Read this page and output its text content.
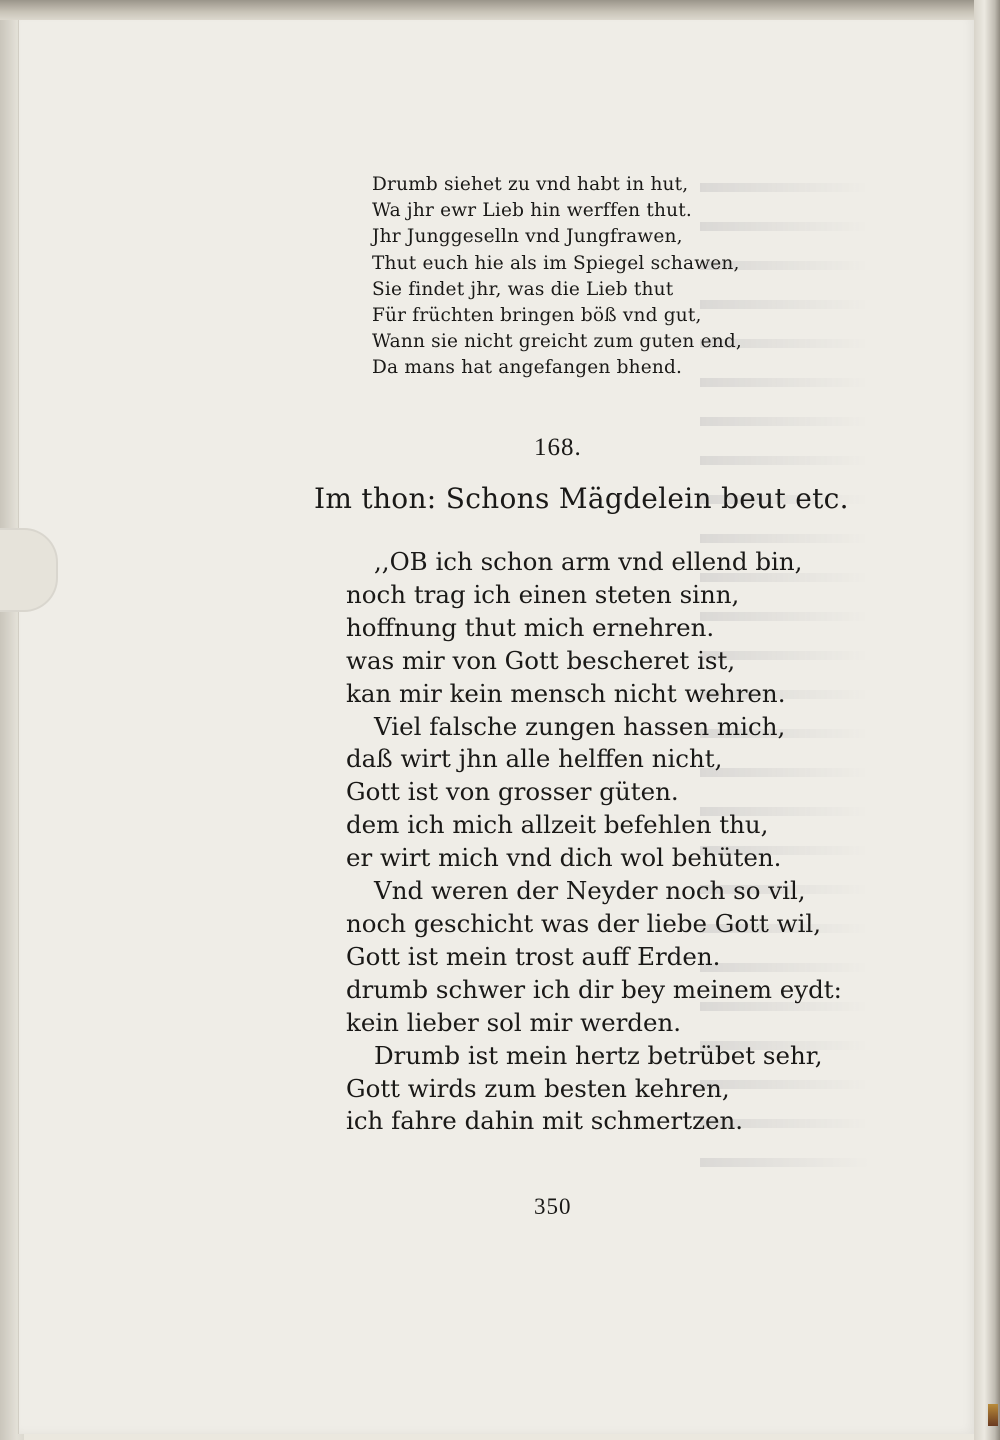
Drumb siehet zu vnd habt in hut,
Wa jhr ewr Lieb hin werffen thut.
Jhr Junggeselln vnd Jungfrawen,
Thut euch hie als im Spiegel schawen,
Sie findet jhr, was die Lieb thut
Für früchten bringen böß vnd gut,
Wann sie nicht greicht zum guten end,
Da mans hat angefangen bhend.
168.
Im thon: Schons Mägdelein beut etc.
,,OB ich schon arm vnd ellend bin,
noch trag ich einen steten sinn,
hoffnung thut mich ernehren.
was mir von Gott bescheret ist,
kan mir kein mensch nicht wehren.
Viel falsche zungen hassen mich,
daß wirt jhn alle helffen nicht,
Gott ist von grosser güten.
dem ich mich allzeit befehlen thu,
er wirt mich vnd dich wol behüten.
Vnd weren der Neyder noch so vil,
noch geschicht was der liebe Gott wil,
Gott ist mein trost auff Erden.
drumb schwer ich dir bey meinem eydt:
kein lieber sol mir werden.
Drumb ist mein hertz betrübet sehr,
Gott wirds zum besten kehren,
ich fahre dahin mit schmertzen.
350
